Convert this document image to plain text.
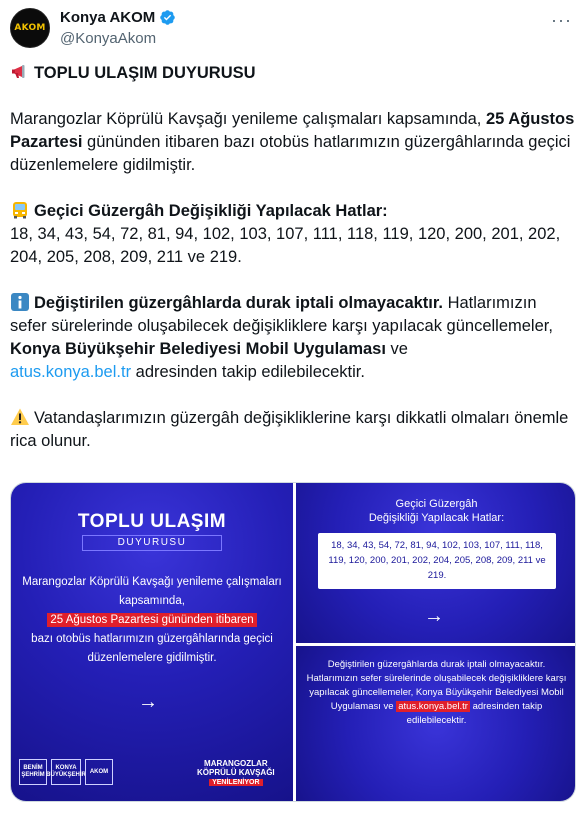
AKOM
Konya AKOM
@KonyaAkom
···

TOPLU ULAŞIM DUYURUSU

Marangozlar Köprülü Kavşağı yenileme çalışmaları kapsamında, 25 Ağustos Pazartesi gününden itibaren bazı otobüs hatlarımızın güzergâhlarında geçici düzenlemelere gidilmiştir.

Geçici Güzergâh Değişikliği Yapılacak Hatlar:
18, 34, 43, 54, 72, 81, 94, 102, 103, 107, 111, 118, 119, 120, 200, 201, 202, 204, 205, 208, 209, 211 ve 219.

Değiştirilen güzergâhlarda durak iptali olmayacaktır. Hatlarımızın sefer sürelerinde oluşabilecek değişikliklere karşı yapılacak güncellemeler, Konya Büyükşehir Belediyesi Mobil Uygulaması ve
atus.konya.bel.tr adresinden takip edilebilecektir.

Vatandaşlarımızın güzergâh değişikliklerine karşı dikkatli olmaları önemle rica olunur.

TOPLU ULAŞIM
DUYURUSU
Marangozlar Köprülü Kavşağı yenileme çalışmaları kapsamında,
25 Ağustos Pazartesi gününden itibaren
bazı otobüs hatlarımızın güzergâhlarında geçici düzenlemelere gidilmiştir.
→
BENİM ŞEHRİM
KONYA BÜYÜKŞEHİR
AKOM
MARANGOZLAR
KÖPRÜLÜ KAVŞAĞI
YENİLENİYOR
Geçici Güzergâh
Değişikliği Yapılacak Hatlar:
18, 34, 43, 54, 72, 81, 94, 102, 103, 107, 111, 118, 119, 120, 200, 201, 202, 204, 205, 208, 209, 211 ve 219.
→
Değiştirilen güzergâhlarda durak iptali olmayacaktır. Hatlarımızın sefer sürelerinde oluşabilecek değişikliklere karşı yapılacak güncellemeler, Konya Büyükşehir Belediyesi Mobil Uygulaması ve atus.konya.bel.tr adresinden takip edilebilecektir.
